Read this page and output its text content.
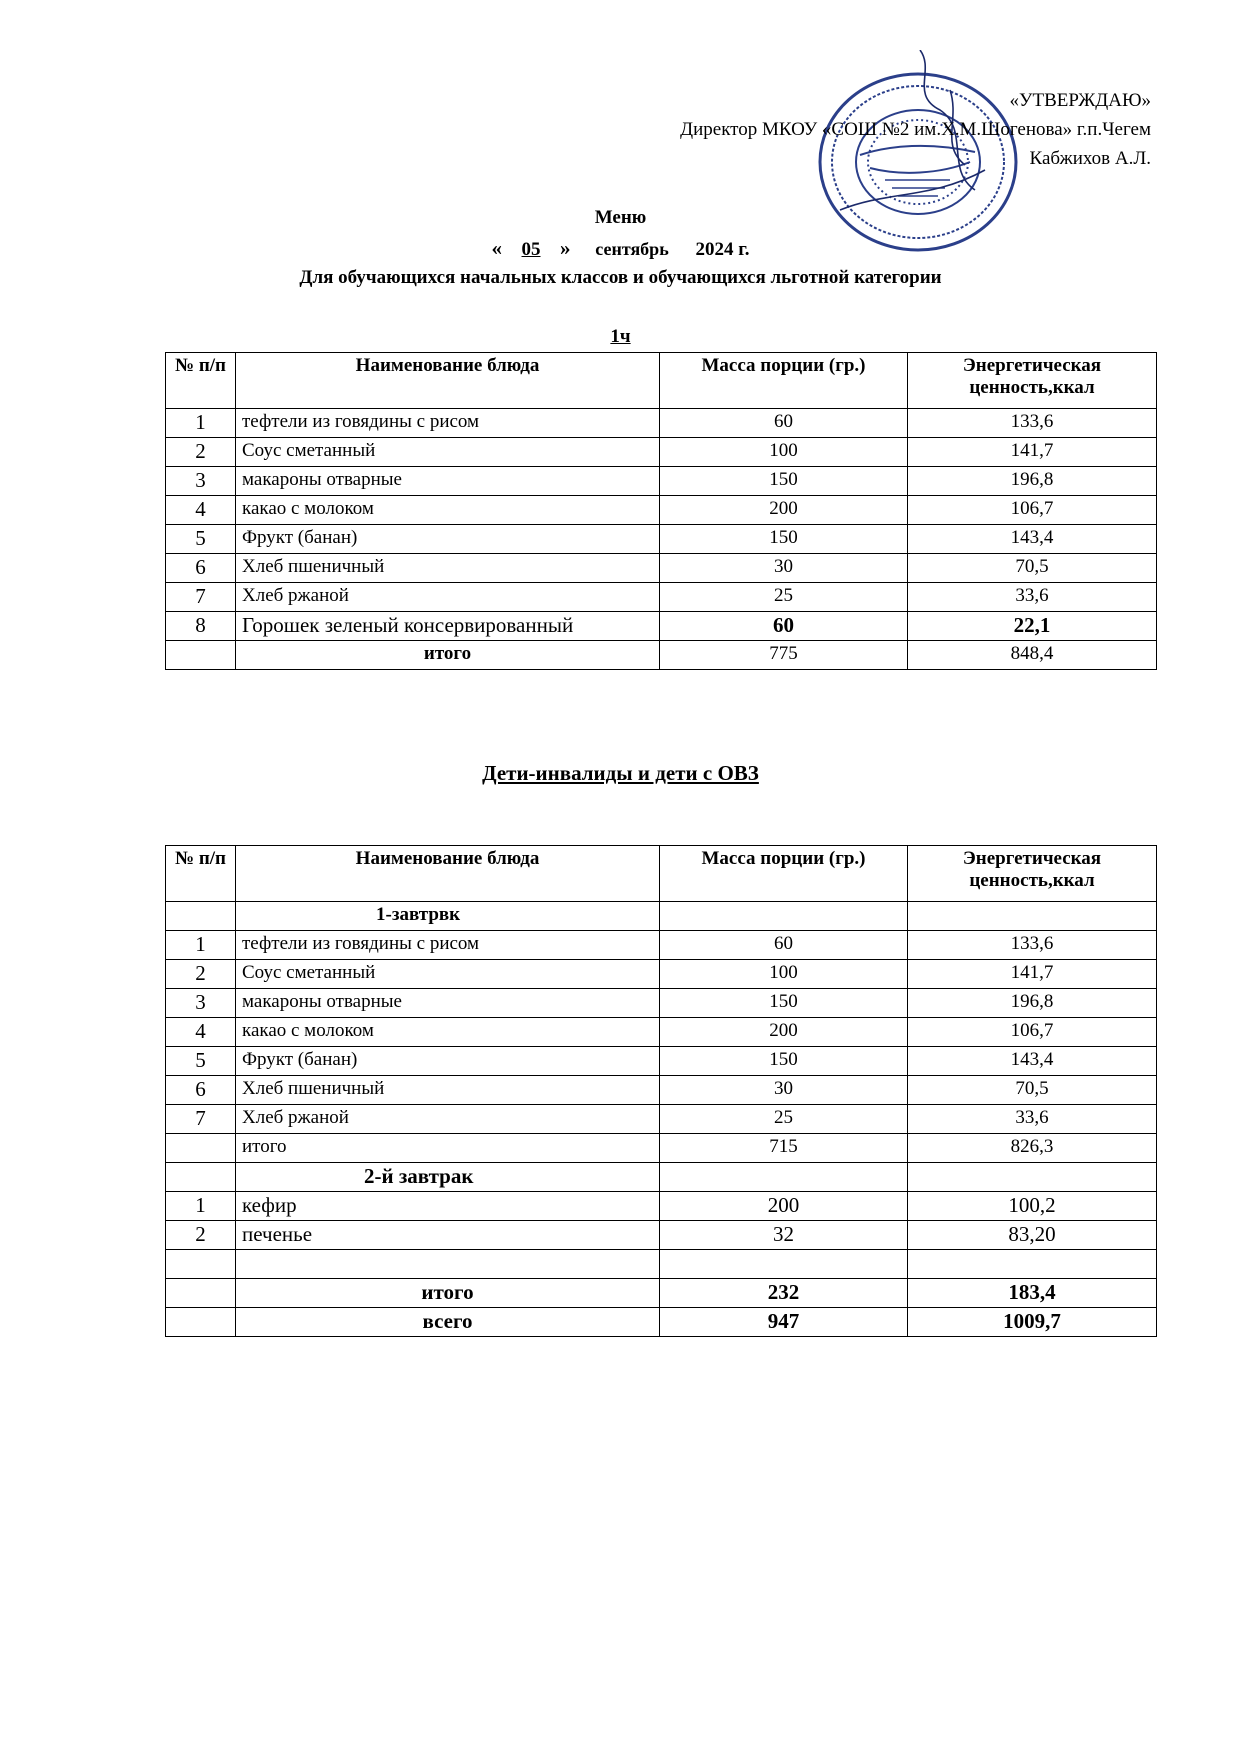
«УТВЕРЖДАЮ»
Директор МКОУ «СОШ №2 им.Х.М.Шогенова» г.п.Чегем
Кабжихов А.Л.
Меню
« 05 » сентябрь 2024 г.
Для обучающихся начальных классов и обучающихся льготной категории
1ч
№ п/п	Наименование блюда	Масса порции (гр.)	Энергетическая ценность,ккал
1	тефтели из говядины с рисом	60	133,6
2	Соус сметанный	100	141,7
3	макароны отварные	150	196,8
4	какао с молоком	200	106,7
5	Фрукт (банан)	150	143,4
6	Хлеб пшеничный	30	70,5
7	Хлеб ржаной	25	33,6
8	Горошек зеленый консервированный	60	22,1
	итого	775	848,4
Дети-инвалиды и дети с ОВЗ
№ п/п	Наименование блюда	Масса порции (гр.)	Энергетическая ценность,ккал
	1-завтрвк		
1	тефтели из говядины с рисом	60	133,6
2	Соус сметанный	100	141,7
3	макароны отварные	150	196,8
4	какао с молоком	200	106,7
5	Фрукт (банан)	150	143,4
6	Хлеб пшеничный	30	70,5
7	Хлеб ржаной	25	33,6
	итого	715	826,3
	2-й завтрак		
1	кефир	200	100,2
2	печенье	32	83,20

	итого	232	183,4
	всего	947	1009,7
